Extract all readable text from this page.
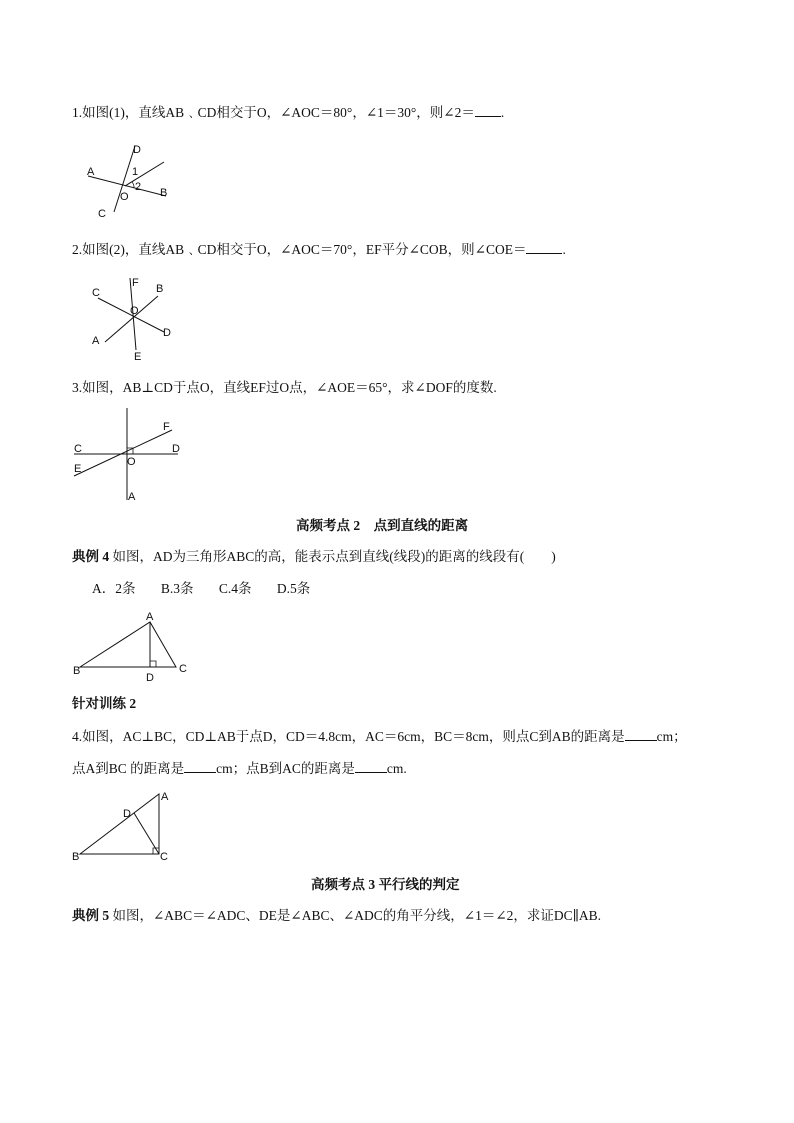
1.如图(1)，直线AB﹑CD相交于O，∠AOC＝80°，∠1＝30°，则∠2＝ .
D
A	1
2
O	B
C
2.如图(2)，直线AB﹑CD相交于O，∠AOC＝70°，EF平分∠COB，则∠COE＝	.
F
C	B
O
D
A
E
3.如图，AB⊥CD于点O，直线EF过O点，∠AOE＝65°，求∠DOF的度数.
C
F
D
E
O
A
高频考点 2　点到直线的距离
典例 4 如图，AD为三角形ABC的高，能表示点到直线(线段)的距离的线段有(　　)
A．2条 B.3条 C.4条 D.5条
A
B	C
D
针对训练 2
4.如图，AC⊥BC，CD⊥AB于点D，CD＝4.8cm，AC＝6cm，BC＝8cm，则点C到AB的距离是 cm；
点A到BC 的距离是 cm；点B到AC的距离是 cm.
A
D
B	C
高频考点 3 平行线的判定
典例 5 如图，∠ABC＝∠ADC、DE是∠ABC、∠ADC的角平分线，∠1＝∠2，求证DC∥AB.
